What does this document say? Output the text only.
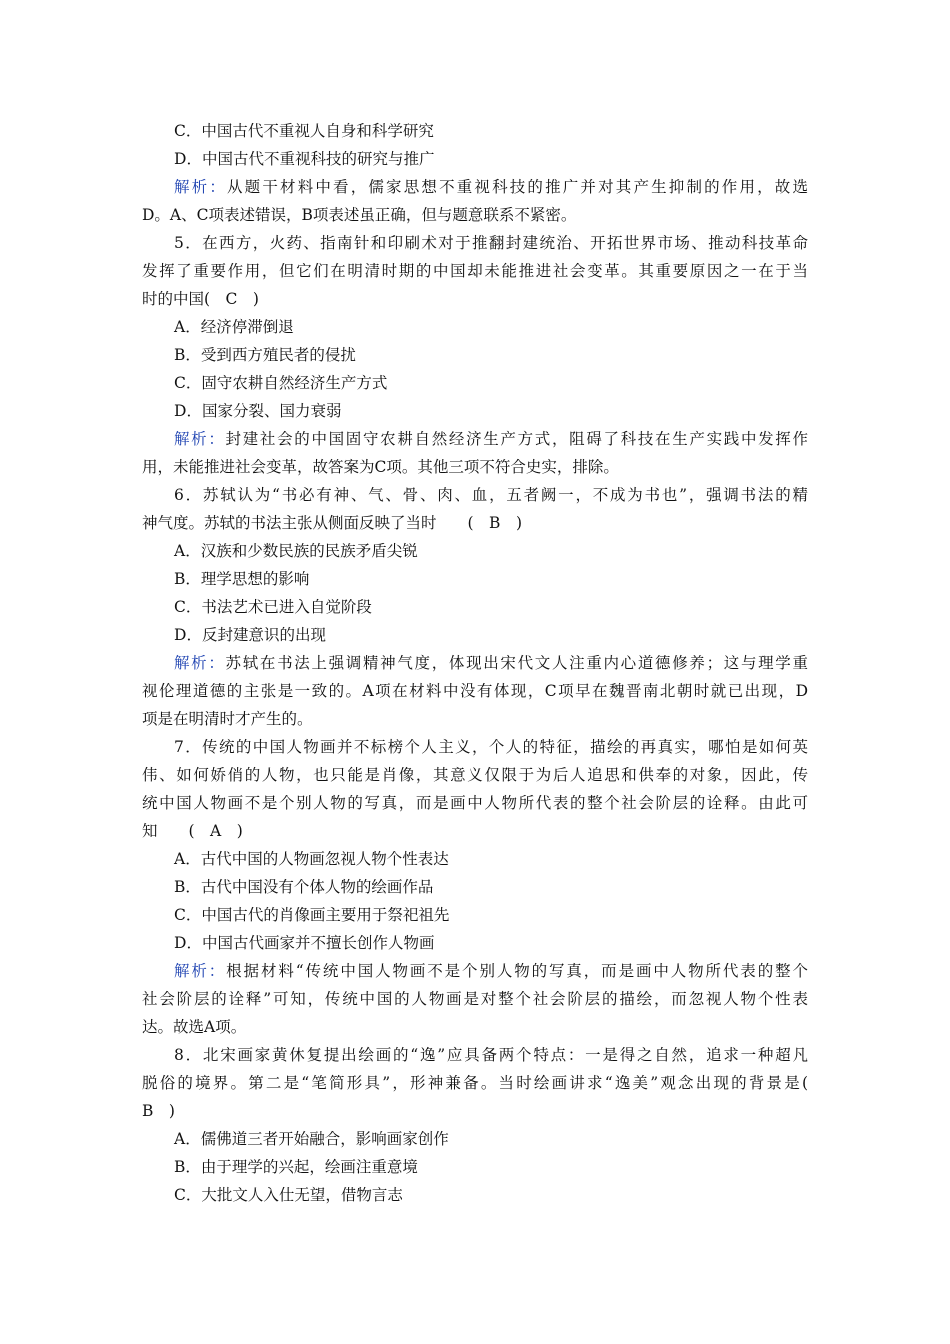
C．中国古代不重视人自身和科学研究
D．中国古代不重视科技的研究与推广
解析：从题干材料中看，儒家思想不重视科技的推广并对其产生抑制的作用，故选
D。A、C项表述错误，B项表述虽正确，但与题意联系不紧密。
5．在西方，火药、指南针和印刷术对于推翻封建统治、开拓世界市场、推动科技革命
发挥了重要作用，但它们在明清时期的中国却未能推进社会变革。其重要原因之一在于当
时的中国(　C　)
A．经济停滞倒退
B．受到西方殖民者的侵扰
C．固守农耕自然经济生产方式
D．国家分裂、国力衰弱
解析：封建社会的中国固守农耕自然经济生产方式，阻碍了科技在生产实践中发挥作
用，未能推进社会变革，故答案为C项。其他三项不符合史实，排除。
6．苏轼认为“书必有神、气、骨、肉、血，五者阙一，不成为书也”，强调书法的精
神气度。苏轼的书法主张从侧面反映了当时　　(　B　)
A．汉族和少数民族的民族矛盾尖锐
B．理学思想的影响
C．书法艺术已进入自觉阶段
D．反封建意识的出现
解析：苏轼在书法上强调精神气度，体现出宋代文人注重内心道德修养；这与理学重
视伦理道德的主张是一致的。A项在材料中没有体现，C项早在魏晋南北朝时就已出现，D
项是在明清时才产生的。
7．传统的中国人物画并不标榜个人主义，个人的特征，描绘的再真实，哪怕是如何英
伟、如何娇俏的人物，也只能是肖像，其意义仅限于为后人追思和供奉的对象，因此，传
统中国人物画不是个别人物的写真，而是画中人物所代表的整个社会阶层的诠释。由此可
知　　(　A　)
A．古代中国的人物画忽视人物个性表达
B．古代中国没有个体人物的绘画作品
C．中国古代的肖像画主要用于祭祀祖先
D．中国古代画家并不擅长创作人物画
解析：根据材料“传统中国人物画不是个别人物的写真，而是画中人物所代表的整个
社会阶层的诠释”可知，传统中国的人物画是对整个社会阶层的描绘，而忽视人物个性表
达。故选A项。
8．北宋画家黄休复提出绘画的“逸”应具备两个特点：一是得之自然，追求一种超凡
脱俗的境界。第二是“笔简形具”，形神兼备。当时绘画讲求“逸美”观念出现的背景是(
B　)
A．儒佛道三者开始融合，影响画家创作
B．由于理学的兴起，绘画注重意境
C．大批文人入仕无望，借物言志
